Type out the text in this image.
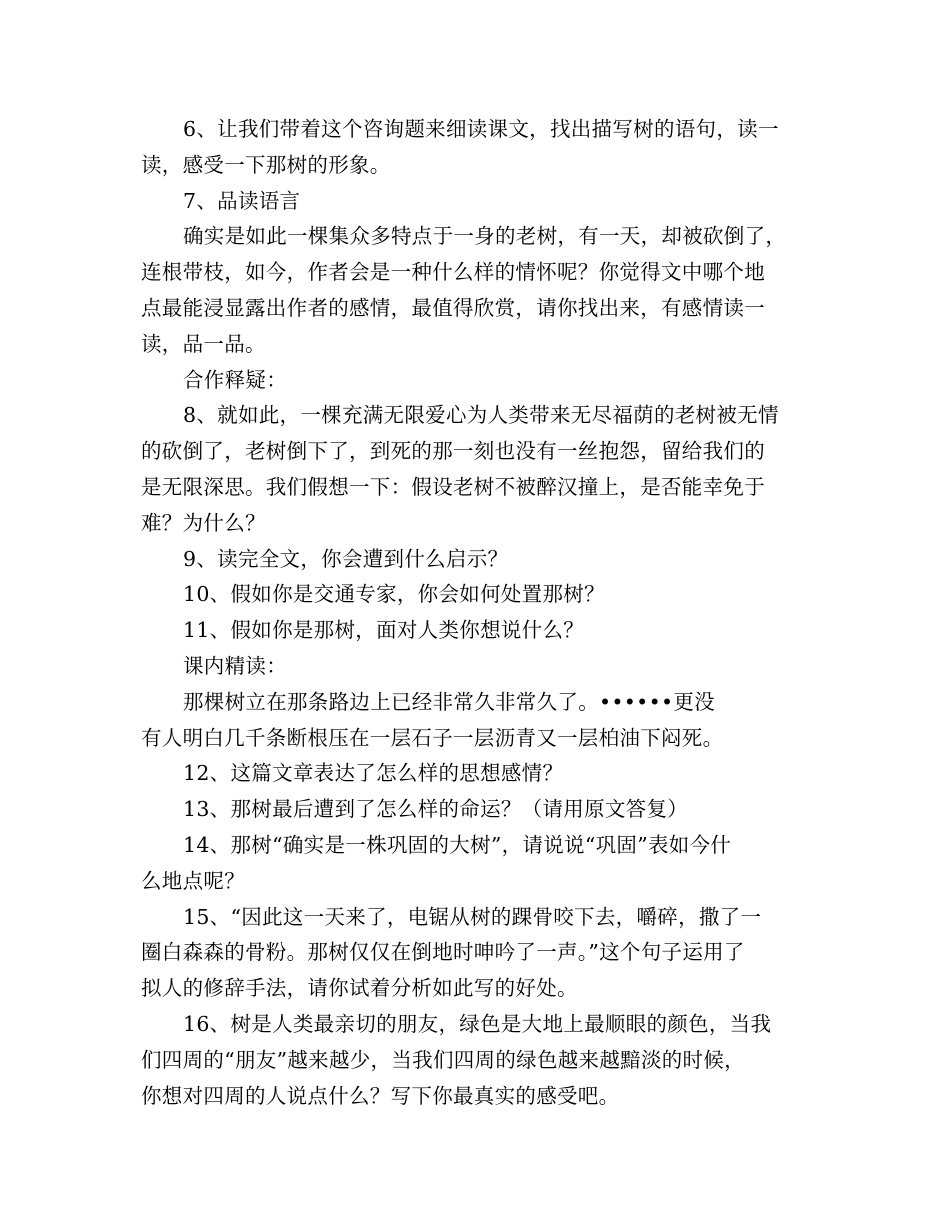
6、让我们带着这个咨询题来细读课文，找出描写树的语句，读一
读，感受一下那树的形象。

7、品读语言

确实是如此一棵集众多特点于一身的老树，有一天，却被砍倒了，
连根带枝，如今，作者会是一种什么样的情怀呢？你觉得文中哪个地
点最能浸显露出作者的感情，最值得欣赏，请你找出来，有感情读一
读，品一品。

合作释疑：

8、就如此，一棵充满无限爱心为人类带来无尽福荫的老树被无情
的砍倒了，老树倒下了，到死的那一刻也没有一丝抱怨，留给我们的
是无限深思。我们假想一下：假设老树不被醉汉撞上，是否能幸免于
难？为什么？

9、读完全文，你会遭到什么启示？

10、假如你是交通专家，你会如何处置那树？

11、假如你是那树，面对人类你想说什么？

课内精读：

那棵树立在那条路边上已经非常久非常久了。••••••更没
有人明白几千条断根压在一层石子一层沥青又一层柏油下闷死。

12、这篇文章表达了怎么样的思想感情？

13、那树最后遭到了怎么样的命运？（请用原文答复）

14、那树“确实是一株巩固的大树”，请说说“巩固”表如今什
么地点呢？

15、“因此这一天来了，电锯从树的踝骨咬下去，嚼碎，撒了一
圈白森森的骨粉。那树仅仅在倒地时呻吟了一声。”这个句子运用了
拟人的修辞手法，请你试着分析如此写的好处。

16、树是人类最亲切的朋友，绿色是大地上最顺眼的颜色，当我
们四周的“朋友”越来越少，当我们四周的绿色越来越黯淡的时候，
你想对四周的人说点什么？写下你最真实的感受吧。
